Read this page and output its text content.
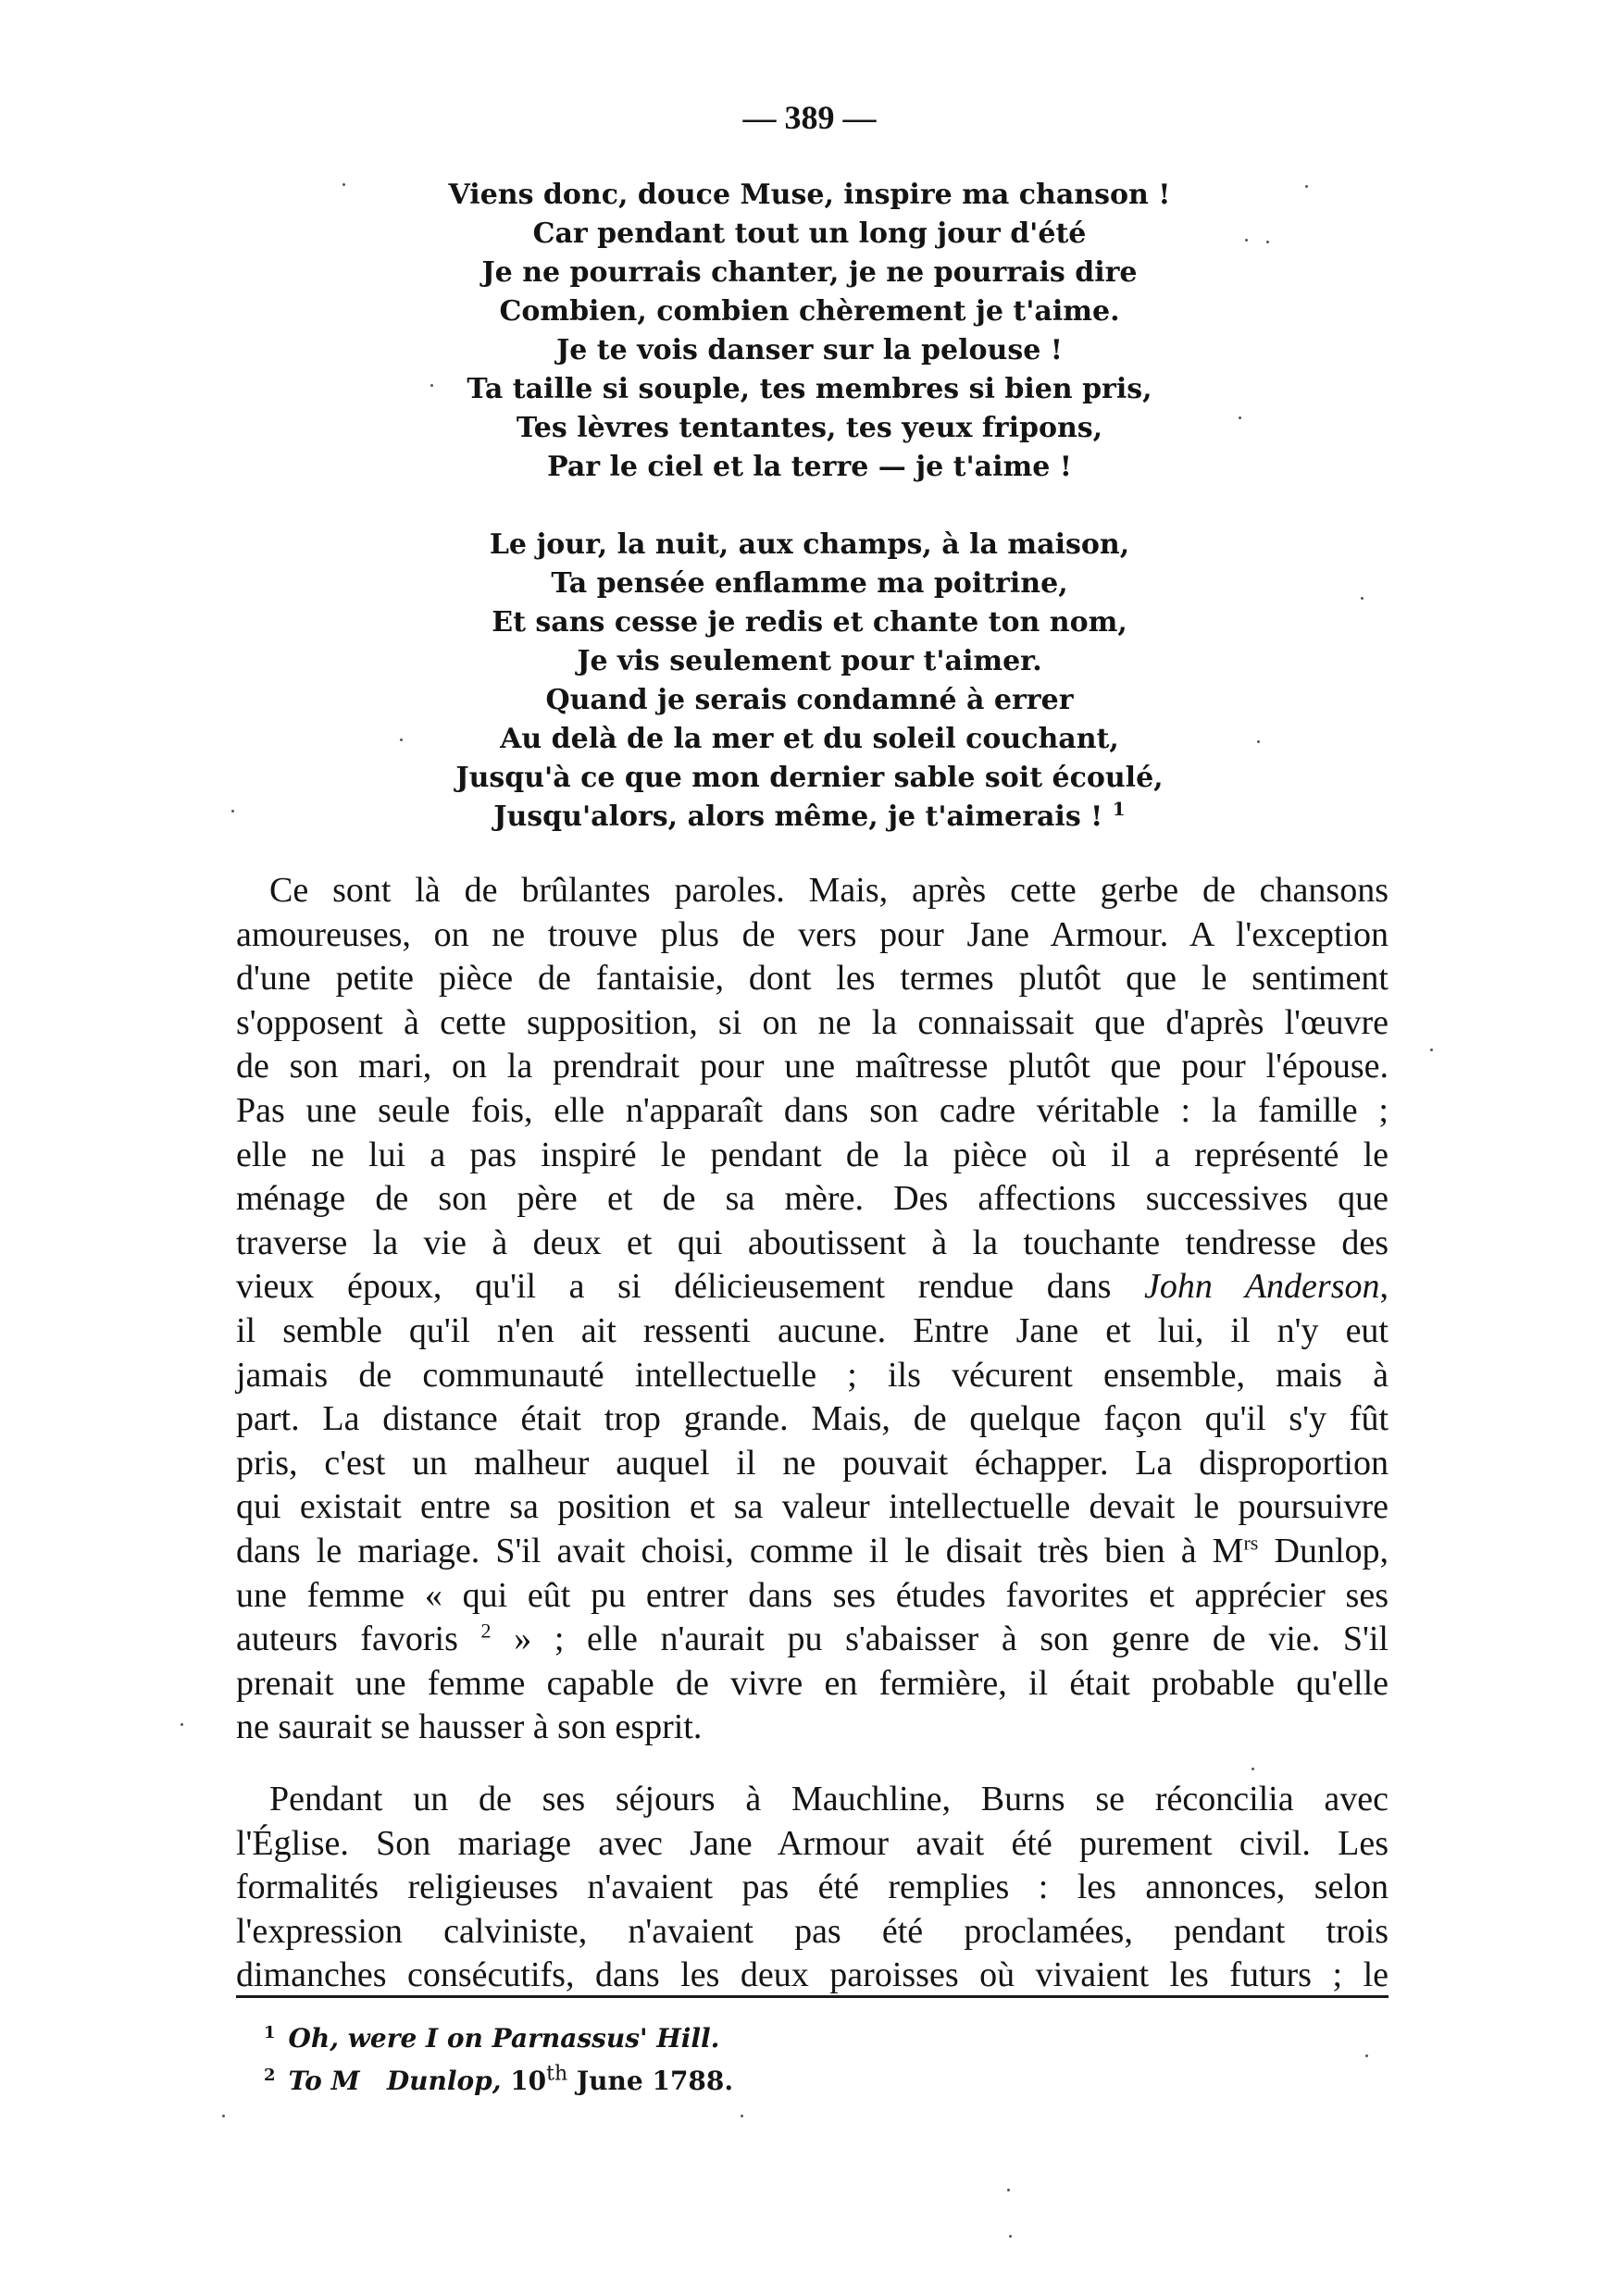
— 389 —
Viens donc, douce Muse, inspire ma chanson !
Car pendant tout un long jour d'été
Je ne pourrais chanter, je ne pourrais dire
Combien, combien chèrement je t'aime.
Je te vois danser sur la pelouse !
Ta taille si souple, tes membres si bien pris,
Tes lèvres tentantes, tes yeux fripons,
Par le ciel et la terre — je t'aime !
Le jour, la nuit, aux champs, à la maison,
Ta pensée enflamme ma poitrine,
Et sans cesse je redis et chante ton nom,
Je vis seulement pour t'aimer.
Quand je serais condamné à errer
Au delà de la mer et du soleil couchant,
Jusqu'à ce que mon dernier sable soit écoulé,
Jusqu'alors, alors même, je t'aimerais ! $^1$
Ce sont là de brûlantes paroles. Mais, après cette gerbe de chansons
amoureuses, on ne trouve plus de vers pour Jane Armour. A l'exception
d'une petite pièce de fantaisie, dont les termes plutôt que le sentiment
s'opposent à cette supposition, si on ne la connaissait que d'après l'œuvre
de son mari, on la prendrait pour une maîtresse plutôt que pour l'épouse.
Pas une seule fois, elle n'apparaît dans son cadre véritable : la famille ;
elle ne lui a pas inspiré le pendant de la pièce où il a représenté le
ménage de son père et de sa mère. Des affections successives que
traverse la vie à deux et qui aboutissent à la touchante tendresse des
vieux époux, qu'il a si délicieusement rendue dans John Anderson,
il semble qu'il n'en ait ressenti aucune. Entre Jane et lui, il n'y eut
jamais de communauté intellectuelle ; ils vécurent ensemble, mais à
part. La distance était trop grande. Mais, de quelque façon qu'il s'y fût
pris, c'est un malheur auquel il ne pouvait échapper. La disproportion
qui existait entre sa position et sa valeur intellectuelle devait le poursuivre
dans le mariage. S'il avait choisi, comme il le disait très bien à $M^{rs}$ Dunlop,
une femme « qui eût pu entrer dans ses études favorites et apprécier ses
auteurs favoris $^2$ » ; elle n'aurait pu s'abaisser à son genre de vie. S'il
prenait une femme capable de vivre en fermière, il était probable qu'elle
ne saurait se hausser à son esprit.
Pendant un de ses séjours à Mauchline, Burns se réconcilia avec
l'Église. Son mariage avec Jane Armour avait été purement civil. Les
formalités religieuses n'avaient pas été remplies : les annonces, selon
l'expression calviniste, n'avaient pas été proclamées, pendant trois
dimanches consécutifs, dans les deux paroisses où vivaient les futurs ; le
$^1$ Oh, were I on Parnassus' Hill.
$^2$ To M   Dunlop, 10th June 1788.
